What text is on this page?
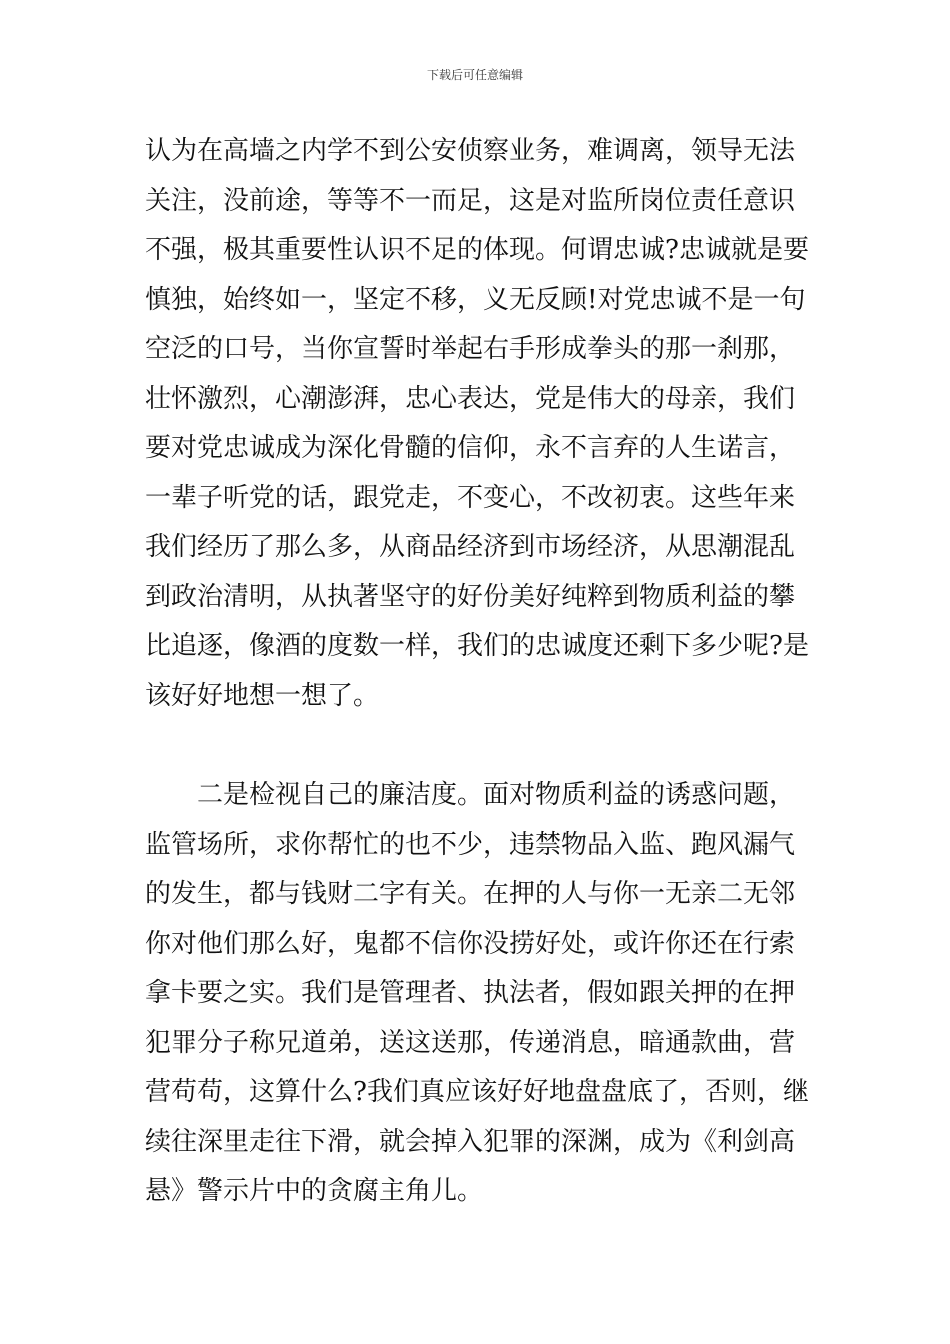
下载后可任意编辑
认为在高墙之内学不到公安侦察业务，难调离，领导无法
关注，没前途，等等不一而足，这是对监所岗位责任意识
不强，极其重要性认识不足的体现。何谓忠诚?忠诚就是要
慎独，始终如一，坚定不移，义无反顾!对党忠诚不是一句
空泛的口号，当你宣誓时举起右手形成拳头的那一刹那，
壮怀激烈，心潮澎湃，忠心表达，党是伟大的母亲，我们
要对党忠诚成为深化骨髓的信仰，永不言弃的人生诺言，
一辈子听党的话，跟党走，不变心，不改初衷。这些年来
我们经历了那么多，从商品经济到市场经济，从思潮混乱
到政治清明，从执著坚守的好份美好纯粹到物质利益的攀
比追逐，像酒的度数一样，我们的忠诚度还剩下多少呢?是
该好好地想一想了。
　　二是检视自己的廉洁度。面对物质利益的诱惑问题，
监管场所，求你帮忙的也不少，违禁物品入监、跑风漏气
的发生，都与钱财二字有关。在押的人与你一无亲二无邻
你对他们那么好，鬼都不信你没捞好处，或许你还在行索
拿卡要之实。我们是管理者、执法者，假如跟关押的在押
犯罪分子称兄道弟，送这送那，传递消息，暗通款曲，营
营苟苟，这算什么?我们真应该好好地盘盘底了，否则，继
续往深里走往下滑，就会掉入犯罪的深渊，成为《利剑高
悬》警示片中的贪腐主角儿。
